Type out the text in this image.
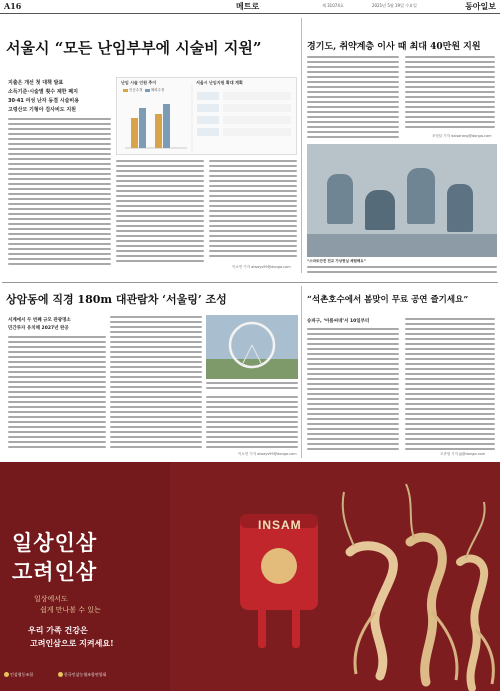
A16	메트로	제 31074호	2021년 5월 19일 수요일	동아일보
서울시 “모든 난임부부에 시술비 지원”
지출은 개선 첫 대책 발표
소득기준·시술별 횟수 제한 폐지
30·41 여성 난자 동결 시술비용
고령산모 기형아 검사비도 지원
난임 시술 인원 추이	서울시 난임지원 확대 계획
인공수정 체외수정
이소연 기자 always99@donga.com
경기도, 취약계층 이사 때 최대 40만원 지원
조영달 기자 dalsarang@donga.com
“스마트안전 전교 가상현실 체험해요”
상암동에 직경 180m 대관람차 ‘서울링’ 조성
서계에서 두 번째 규모 관광명소
민간투자 유치해 2027년 완공
이소연 기자 always99@donga.com
“석촌호수에서 봄맞이 무료 공연 즐기세요”
송파구, ‘아름씨네’서 10일부터
조종엽 기자 jjj@donga.com
INSAM
일상인삼
고려인삼
일상에서도
쉽게 만나볼 수 있는
우리 가족 건강은
고려인삼으로 지켜세요!
인삼협동조합	한국인삼농협조합연합회
